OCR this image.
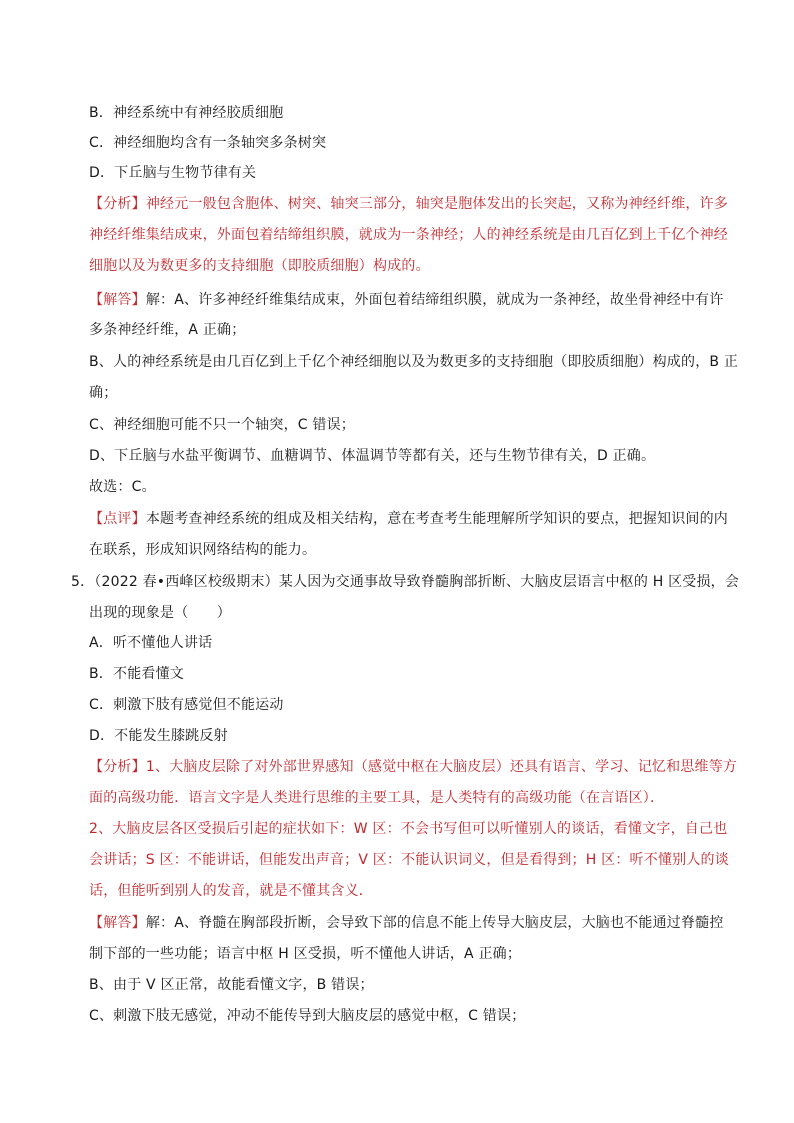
B．神经系统中有神经胶质细胞
C．神经细胞均含有一条轴突多条树突
D．下丘脑与生物节律有关
【分析】神经元一般包含胞体、树突、轴突三部分，轴突是胞体发出的长突起，又称为神经纤维，许多
神经纤维集结成束，外面包着结缔组织膜，就成为一条神经；人的神经系统是由几百亿到上千亿个神经
细胞以及为数更多的支持细胞（即胶质细胞）构成的。
【解答】解：A、许多神经纤维集结成束，外面包着结缔组织膜，就成为一条神经，故坐骨神经中有许
多条神经纤维，A 正确；
B、人的神经系统是由几百亿到上千亿个神经细胞以及为数更多的支持细胞（即胶质细胞）构成的，B 正
确；
C、神经细胞可能不只一个轴突，C 错误；
D、下丘脑与水盐平衡调节、血糖调节、体温调节等都有关，还与生物节律有关，D 正确。
故选：C。
【点评】本题考查神经系统的组成及相关结构，意在考查考生能理解所学知识的要点，把握知识间的内
在联系，形成知识网络结构的能力。
5．（2022 春•西峰区校级期末）某人因为交通事故导致脊髓胸部折断、大脑皮层语言中枢的 H 区受损，会
出现的现象是（　　）
A．听不懂他人讲话
B．不能看懂文
C．刺激下肢有感觉但不能运动
D．不能发生膝跳反射
【分析】1、大脑皮层除了对外部世界感知（感觉中枢在大脑皮层）还具有语言、学习、记忆和思维等方
面的高级功能．语言文字是人类进行思维的主要工具，是人类特有的高级功能（在言语区）．
2、大脑皮层各区受损后引起的症状如下：W 区：不会书写但可以听懂别人的谈话，看懂文字，自己也
会讲话；S 区：不能讲话，但能发出声音；V 区：不能认识词义，但是看得到；H 区：听不懂别人的谈
话，但能听到别人的发音，就是不懂其含义．
【解答】解：A、脊髓在胸部段折断，会导致下部的信息不能上传导大脑皮层，大脑也不能通过脊髓控
制下部的一些功能；语言中枢 H 区受损，听不懂他人讲话，A 正确；
B、由于 V 区正常，故能看懂文字，B 错误；
C、刺激下肢无感觉，冲动不能传导到大脑皮层的感觉中枢，C 错误；
